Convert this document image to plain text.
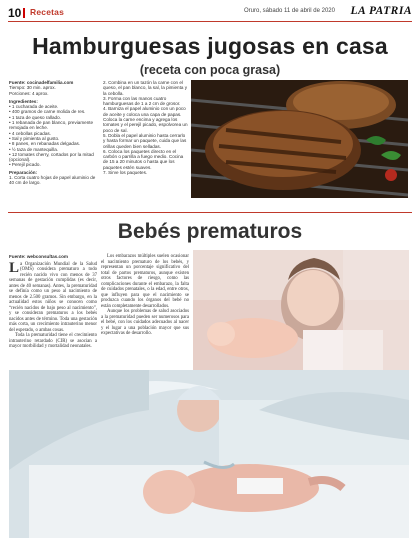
10	Recetas	Oruro, sábado 11 de abril de 2020 LA PATRIA
Hamburguesas jugosas en casa
(receta con poca grasa)
Fuente: cocinadelfamilia.com
Tiempo: 30 min. aprox.
Porciones: 4 aprox.
Ingredientes:
• 1 cucharada de aceite.
• 400 gramos de carne molida de res.
• 1 taza de queso rallado.
• 1 rebanada de pan blanco, previamente remojada en leche.
• 4 cebollas picadas.
• Sal y pimienta al gusto.
• 8 panes, en rebanadas delgadas.
• ½ taza de mantequilla.
• 12 tomates cherry, cortados por la mitad (opcional).
• Perejil picado.
Preparación:
1. Corta cuatro hojas de papel aluminio de 40 cm de largo.
2. Combina en un tazón la carne con el queso, el pan blanco, la sal, la pimienta y la cebolla.
3. Forma con las manos cuatro hamburguesas de 1 a 2 cm de grosor.
4. Barniza el papel aluminio con un poco de aceite y coloca una capa de papas. Coloca la carne encima y agrega los tomates y el perejil picado, espolvorea un poco de sal.
5. Dobla el papel aluminio hasta cerrarlo y hasta formar un paquete, cuida que las orillas queden bien selladas.
6. Coloca los paquetes directo en el carbón o parrilla a fuego medio. Cocina de 15 a 20 minutos o hasta que los paquetes estén suaves.
7. Sirve los paquetes.
Bebés prematuros
Fuente: webconsultas.com
La Organización Mundial de la Salud (OMS) considera prematuro a todo recién nacido vivo con menos de 37 semanas de gestación cumplidas (es decir, antes de 40 semanas). Antes, la prematuridad se definía como un peso al nacimiento de menos de 2.500 gramos. Sin embargo, en la actualidad estos niños se conocen como “recién nacidos de bajo peso al nacimiento”, y se consideran prematuros a los bebés nacidos antes de término. Toda una gestación más corta, un crecimiento intrauterino menor del esperado, o ambas cosas.
Toda la prematuridad tiene el crecimiento intrauterino retardado (CIR) se asocian a mayor morbilidad y mortalidad neonatales.
Los embarazos múltiples suelen ocasionar el nacimiento prematuro de los bebés, y representan un porcentaje significativo del total de partos prematuros, aunque existen otros factores de riesgo, como las complicaciones durante el embarazo, la falta de cuidados prenatales, o la edad, entre otros, que influyen para que el nacimiento se produzca cuando los órganos del bebé no están completamente desarrollados.
Aunque los problemas de salud asociados a la prematuridad pueden ser numerosos para el bebé, con los cuidados adecuados al nacer y el lugar a una población mayor que sus expectativas de desarrollo.
